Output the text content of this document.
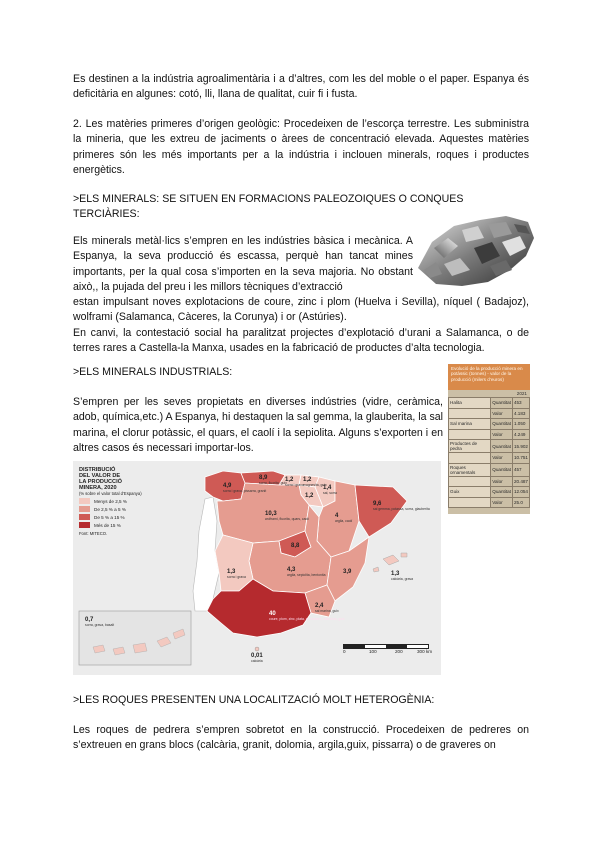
Es destinen a la indústria agroalimentària i a d’altres, com les del moble o el paper. Espanya és deficitària en algunes: cotó, lli, llana de qualitat, cuir fi i fusta.

2. Les matèries primeres d’origen geològic: Procedeixen de l’escorça terrestre. Les subministra la mineria, que les extreu de jaciments o àrees de concentració elevada. Aquestes matèries primeres són les més importants per a la indústria i inclouen minerals, roques i productes energètics.

>ELS MINERALS: SE SITUEN EN FORMACIONS PALEOZOIQUES O CONQUES TERCIÀRIES:

Els minerals metàl·lics s’empren en les indústries bàsica i mecànica. A Espanya, la seva producció és escassa, perquè han tancat mines importants, per la qual cosa s’importen en la seva majoria. No obstant això,, la pujada del preu i les millors tècniques d’extracció

estan impulsant noves explotacions de coure, zinc i plom (Huelva i Sevilla), níquel ( Badajoz), wolframi (Salamanca, Càceres, la Corunya) i or (Astúries).

En canvi, la contestació social ha paralitzat projectes d’explotació d’urani a Salamanca, o de terres rares a Castella-la Manxa, usades en la fabricació de productes d’alta tecnologia.

>ELS MINERALS INDUSTRIALS:

S’empren per les seves propietats en diverses indústries (vidre, ceràmica, adob, química,etc.) A Espanya, hi destaquen la sal gemma, la glauberita, la sal marina, el clorur potàssic, el quars, el caolí i la sepiolita. Alguns s’exporten i en altres casos és necessari importar-los.

>LES ROQUES PRESENTEN UNA LOCALITZACIÓ MOLT HETEROGÈNIA:

Les roques de pedrera s’empren sobretot en la construcció. Procedeixen de pedreres on s’extreuen en grans blocs (calcària, granit, dolomia, argila,guix, pissarra) o de graveres on

Evolució de la producció minera en potàssic (tonnes) - valor de la producció (milers d’euros)
2021
Halita	Quantitat	453
	Valor	4.183
Sal marina	Quantitat	1.050
	Valor	4.249
Productes de pedra	Quantitat	15.902
	Valor	10.751
Roques ornamentals	Quantitat	457
	Valor	20.487
Guix	Quantitat	12.054
	Valor	25.0
4,9
sorra i grava, pissarra, granit
8,9
sorra, fluorita, guix
1,2
sorra i grava
1,2
magnesita, guix
1,4
sal, sorra
4
argila, caolí
9,6
sal gemma, potassa, sorra, glauberita
10,3
wolframi, fluorita, quars, caolí
1,2
8,8
4,3
argila, sepiolita, bentonita	3,9
1,3
sorra i grava
2,4
sal marina, guix
40
coure, plom, zinc, plata, or, marbre, celestina, guix
1,3
calcària, grava
0,7
sorra, grava, basalt
0,01
calcària
DISTRIBUCIÓ
DEL VALOR DE
LA PRODUCCIÓ
MINERA, 2020
(% sobre el valor total d’Espanya)
Menys de 2,5 %
De 2,5 % a 5 %
De 5 % a 15 %
Més de 15 %
Font: MITECO.
0	100	200	300 km
